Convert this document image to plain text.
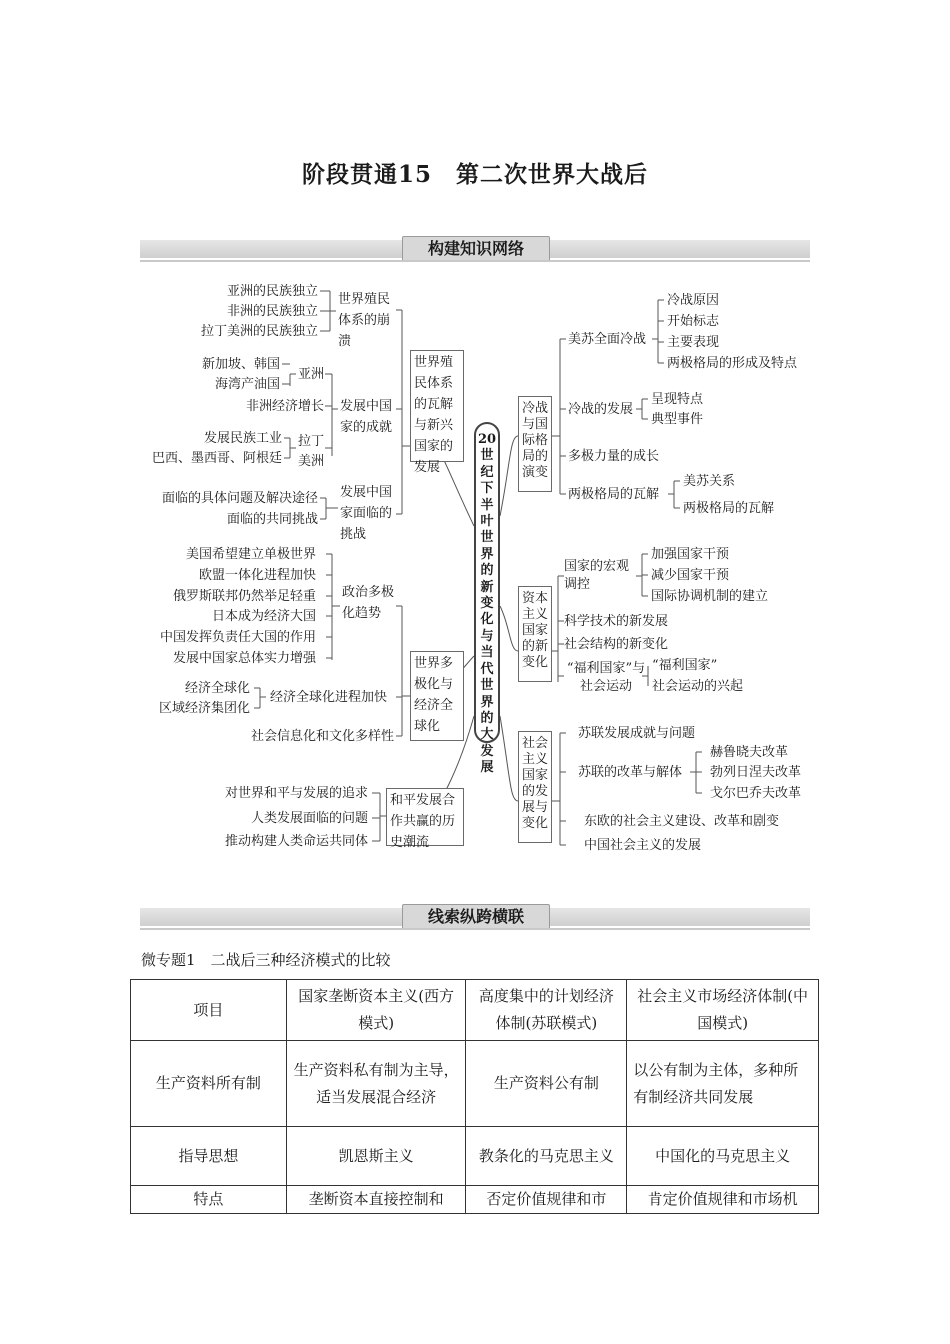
阶段贯通15　第二次世界大战后
构建知识网络
20世纪下半叶世界的新变化与当代世界的大发展
世界殖民体系的瓦解与新兴国家的发展
世界殖民体系的崩溃
亚洲的民族独立
非洲的民族独立
拉丁美洲的民族独立
发展中国家的成就
亚洲
新加坡、韩国
海湾产油国
非洲经济增长
拉丁美洲
发展民族工业
巴西、墨西哥、阿根廷
发展中国家面临的挑战
面临的具体问题及解决途径
面临的共同挑战
世界多极化与经济全球化
政治多极化趋势
美国希望建立单极世界
欧盟一体化进程加快
俄罗斯联邦仍然举足轻重
日本成为经济大国
中国发挥负责任大国的作用
发展中国家总体实力增强
经济全球化进程加快
经济全球化
区域经济集团化
社会信息化和文化多样性
和平发展合作共赢的历史潮流
对世界和平与发展的追求
人类发展面临的问题
推动构建人类命运共同体
冷战与国际格局的演变
美苏全面冷战
冷战原因
开始标志
主要表现
两极格局的形成及特点
冷战的发展
呈现特点
典型事件
多极力量的成长
两极格局的瓦解
美苏关系
两极格局的瓦解
资本主义国家的新变化
国家的宏观调控
加强国家干预
减少国家干预
国际协调机制的建立
科学技术的新发展
社会结构的新变化
“福利国家”与社会运动
“福利国家”
社会运动的兴起
社会主义国家的发展与变化
苏联发展成就与问题
苏联的改革与解体
赫鲁晓夫改革
勃列日涅夫改革
戈尔巴乔夫改革
东欧的社会主义建设、改革和剧变
中国社会主义的发展
线索纵跨横联
微专题1　二战后三种经济模式的比较
项目	国家垄断资本主义(西方模式)	高度集中的计划经济体制(苏联模式)	社会主义市场经济体制(中国模式)
生产资料所有制	生产资料私有制为主导，适当发展混合经济	生产资料公有制	以公有制为主体，多种所有制经济共同发展
指导思想	凯恩斯主义	教条化的马克思主义	中国化的马克思主义
特点	垄断资本直接控制和	否定价值规律和市	肯定价值规律和市场机
